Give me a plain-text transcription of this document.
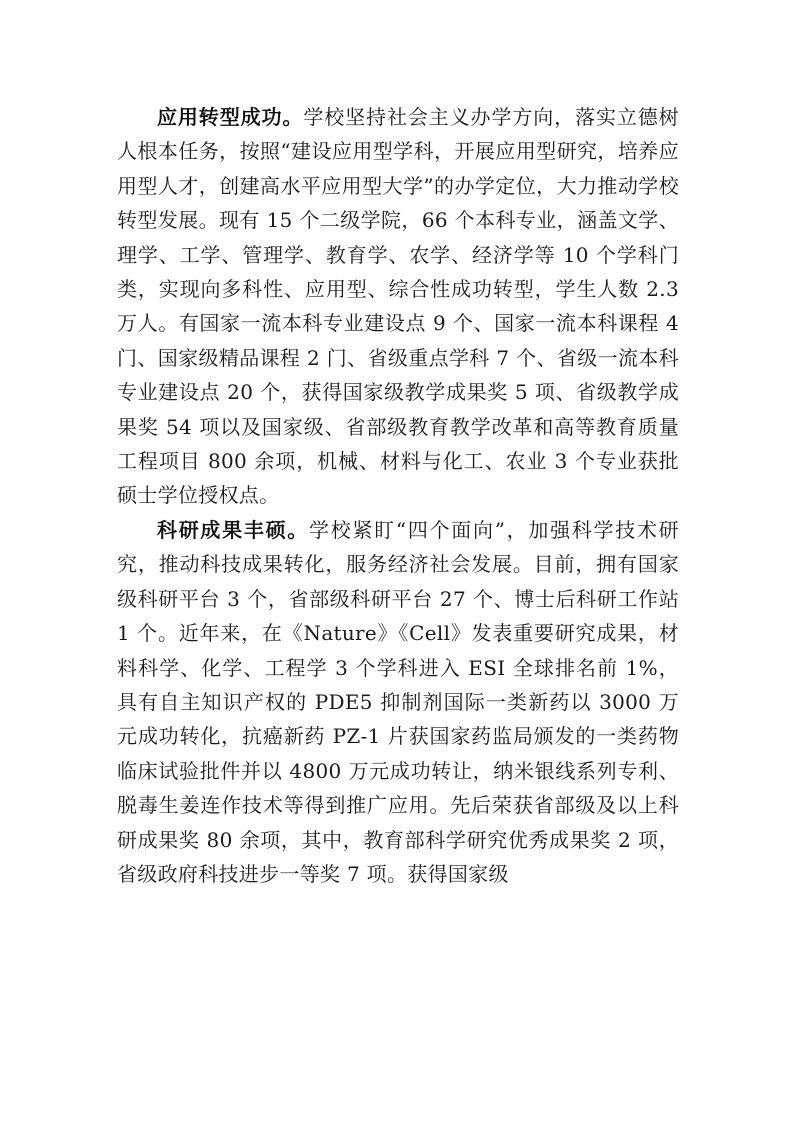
应用转型成功。学校坚持社会主义办学方向，落实立德树人根本任务，按照“建设应用型学科，开展应用型研究，培养应用型人才，创建高水平应用型大学”的办学定位，大力推动学校转型发展。现有 15 个二级学院，66 个本科专业，涵盖文学、理学、工学、管理学、教育学、农学、经济学等 10 个学科门类，实现向多科性、应用型、综合性成功转型，学生人数 2.3 万人。有国家一流本科专业建设点 9 个、国家一流本科课程 4 门、国家级精品课程 2 门、省级重点学科 7 个、省级一流本科专业建设点 20 个，获得国家级教学成果奖 5 项、省级教学成果奖 54 项以及国家级、省部级教育教学改革和高等教育质量工程项目 800 余项，机械、材料与化工、农业 3 个专业获批硕士学位授权点。

科研成果丰硕。学校紧盯“四个面向”，加强科学技术研究，推动科技成果转化，服务经济社会发展。目前，拥有国家级科研平台 3 个，省部级科研平台 27 个、博士后科研工作站 1 个。近年来，在《Nature》《Cell》发表重要研究成果，材料科学、化学、工程学 3 个学科进入 ESI 全球排名前 1%，具有自主知识产权的 PDE5 抑制剂国际一类新药以 3000 万元成功转化，抗癌新药 PZ-1 片获国家药监局颁发的一类药物临床试验批件并以 4800 万元成功转让，纳米银线系列专利、脱毒生姜连作技术等得到推广应用。先后荣获省部级及以上科研成果奖 80 余项，其中，教育部科学研究优秀成果奖 2 项，省级政府科技进步一等奖 7 项。获得国家级
